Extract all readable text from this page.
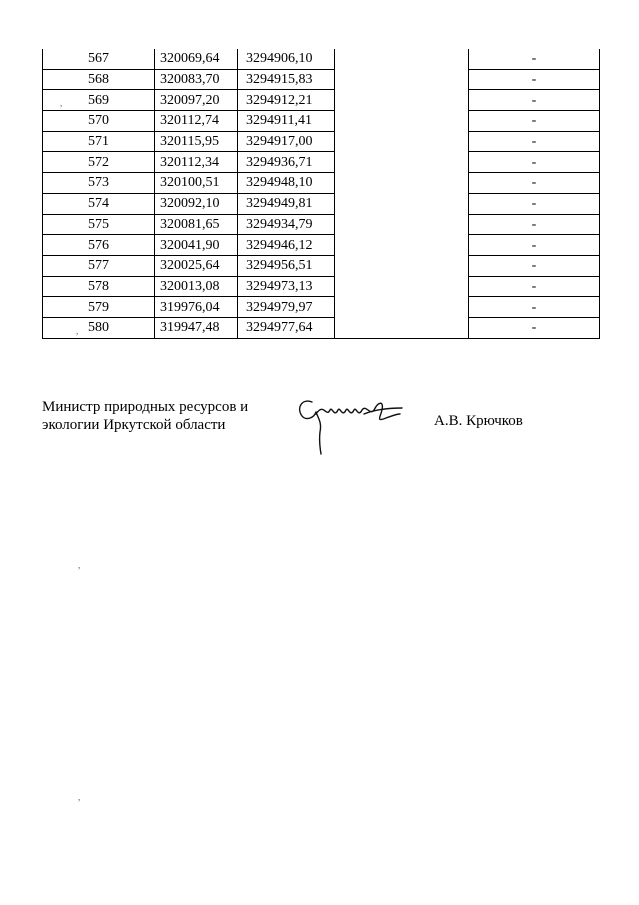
567	320069,64	3294906,10		-
568	320083,70	3294915,83		-
569	320097,20	3294912,21		-
570	320112,74	3294911,41		-
571	320115,95	3294917,00		-
572	320112,34	3294936,71		-
573	320100,51	3294948,10		-
574	320092,10	3294949,81		-
575	320081,65	3294934,79		-
576	320041,90	3294946,12		-
577	320025,64	3294956,51		-
578	320013,08	3294973,13		-
579	319976,04	3294979,97		-
580	319947,48	3294977,64		-
,
,
,
,
Министр природных ресурсов и
экологии Иркутской области	А.В. Крючков
